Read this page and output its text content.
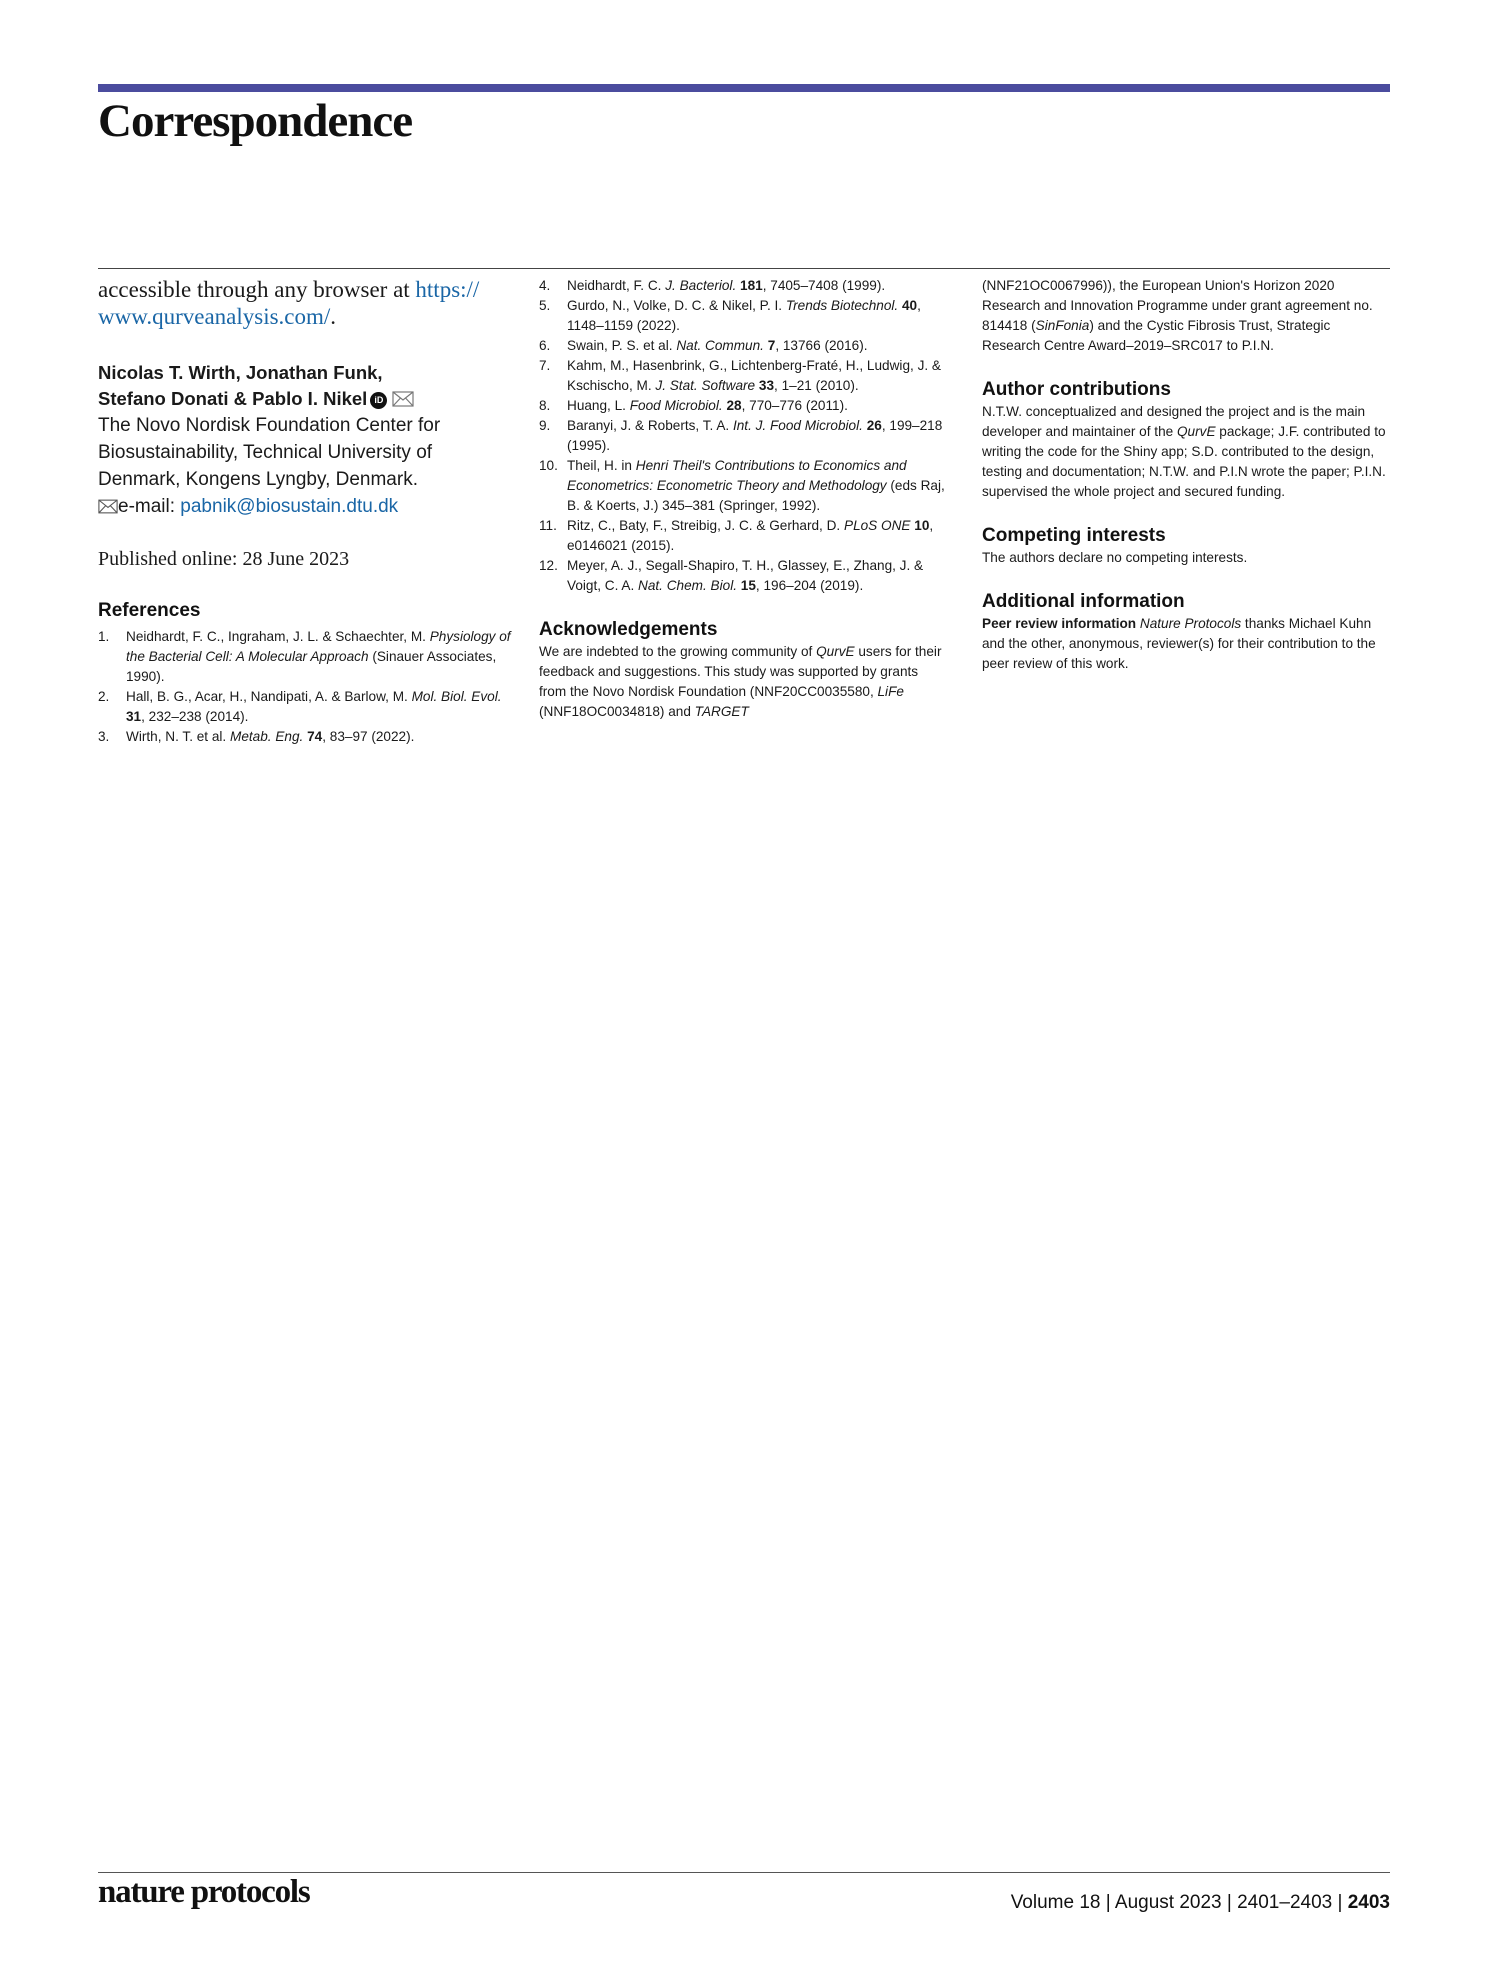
Correspondence

accessible through any browser at https://
www.qurveanalysis.com/.

Nicolas T. Wirth, Jonathan Funk,
Stefano Donati & Pablo I. Nikel iD
The Novo Nordisk Foundation Center for
Biosustainability, Technical University of
Denmark, Kongens Lyngby, Denmark.
e-mail: pabnik@biosustain.dtu.dk
Published online: 28 June 2023
References
1. Neidhardt, F. C., Ingraham, J. L. & Schaechter, M. Physiology of the Bacterial Cell: A Molecular Approach (Sinauer Associates, 1990).
2. Hall, B. G., Acar, H., Nandipati, A. & Barlow, M. Mol. Biol. Evol. 31, 232–238 (2014).
3. Wirth, N. T. et al. Metab. Eng. 74, 83–97 (2022).
4. Neidhardt, F. C. J. Bacteriol. 181, 7405–7408 (1999).
5. Gurdo, N., Volke, D. C. & Nikel, P. I. Trends Biotechnol. 40, 1148–1159 (2022).
6. Swain, P. S. et al. Nat. Commun. 7, 13766 (2016).
7. Kahm, M., Hasenbrink, G., Lichtenberg-Fraté, H., Ludwig, J. & Kschischo, M. J. Stat. Software 33, 1–21 (2010).
8. Huang, L. Food Microbiol. 28, 770–776 (2011).
9. Baranyi, J. & Roberts, T. A. Int. J. Food Microbiol. 26, 199–218 (1995).
10. Theil, H. in Henri Theil's Contributions to Economics and Econometrics: Econometric Theory and Methodology (eds Raj, B. & Koerts, J.) 345–381 (Springer, 1992).
11. Ritz, C., Baty, F., Streibig, J. C. & Gerhard, D. PLoS ONE 10, e0146021 (2015).
12. Meyer, A. J., Segall-Shapiro, T. H., Glassey, E., Zhang, J. & Voigt, C. A. Nat. Chem. Biol. 15, 196–204 (2019).
Acknowledgements
We are indebted to the growing community of QurvE users for their feedback and suggestions. This study was supported by grants from the Novo Nordisk Foundation (NNF20CC0035580, LiFe (NNF18OC0034818) and TARGET
(NNF21OC0067996)), the European Union's Horizon 2020 Research and Innovation Programme under grant agreement no. 814418 (SinFonia) and the Cystic Fibrosis Trust, Strategic Research Centre Award–2019–SRC017 to P.I.N.
Author contributions
N.T.W. conceptualized and designed the project and is the main developer and maintainer of the QurvE package; J.F. contributed to writing the code for the Shiny app; S.D. contributed to the design, testing and documentation; N.T.W. and P.I.N wrote the paper; P.I.N. supervised the whole project and secured funding.
Competing interests
The authors declare no competing interests.
Additional information
Peer review information Nature Protocols thanks Michael Kuhn and the other, anonymous, reviewer(s) for their contribution to the peer review of this work.
nature protocols	Volume 18 | August 2023 | 2401–2403 | 2403
